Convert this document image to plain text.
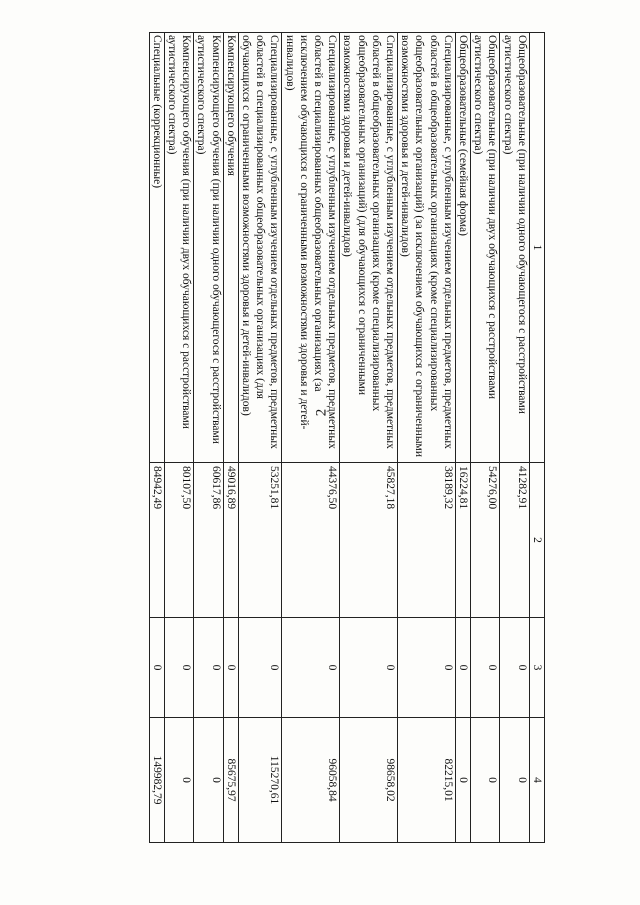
2
1	2	3	4
Общеобразовательные (при наличии одного обучающегося с расстройствами аутистического спектра)	41282,91	0	0
Общеобразовательные (при наличии двух обучающихся с расстройствами аутистического спектра)	54276,00	0	0
Общеобразовательные (семейная форма)	16224,81	0	0
Специализированные, с углубленным изучением отдельных предметов, предметных областей в общеобразовательных организациях (кроме специализированных общеобразовательных организаций) (за исключением обучающихся с ограниченными возможностями здоровья и детей-инвалидов)	38189,32	0	82215,01
Специализированные, с углубленным изучением отдельных предметов, предметных областей в общеобразовательных организациях (кроме специализированных общеобразовательных организаций) (для обучающихся с ограниченными возможностями здоровья и детей-инвалидов)	45827,18	0	98658,02
Специализированные, с углубленным изучением отдельных предметов, предметных областей в специализированных общеобразовательных организациях (за исключением обучающихся с ограниченными возможностями здоровья и детей-инвалидов)	44376,50	0	96058,84
Специализированные, с углубленным изучением отдельных предметов, предметных областей в специализированных общеобразовательных организациях (для обучающихся с ограниченными возможностями здоровья и детей-инвалидов)	53251,81	0	115270,61
Компенсирующего обучения	49016,89	0	85675,97
Компенсирующего обучения (при наличии одного обучающегося с расстройствами аутистического спектра)	60617,86	0	0
Компенсирующего обучения (при наличии двух обучающихся с расстройствами аутистического спектра)	80107,50	0	0
Специальные (коррекционные)	84942,49	0	149982,79
